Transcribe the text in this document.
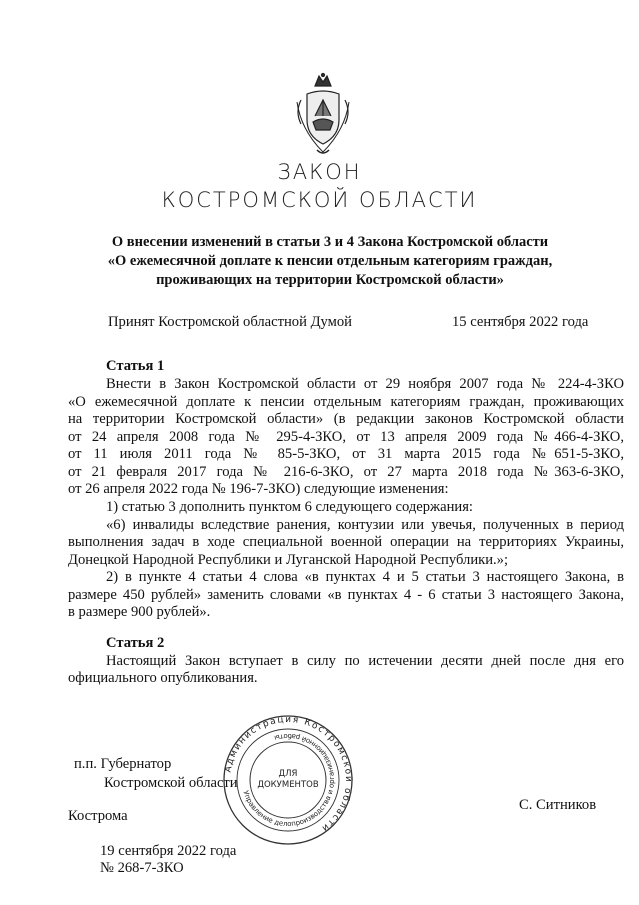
ЗАКОН
КОСТРОМСКОЙ ОБЛАСТИ
О внесении изменений в статьи 3 и 4 Закона Костромской области
«О ежемесячной доплате к пенсии отдельным категориям граждан,
проживающих на территории Костромской области»
Принят Костромской областной Думой	15 сентября 2022 года
Статья 1
Внести в Закон Костромской области от 29 ноября 2007 года № 224-4-ЗКО
«О ежемесячной доплате к пенсии отдельным категориям граждан, проживающих
на территории Костромской области» (в редакции законов Костромской области
от 24 апреля 2008 года № 295-4-ЗКО, от 13 апреля 2009 года №466-4-ЗКО,
от 11 июля 2011 года № 85-5-ЗКО, от 31 марта 2015 года №651-5-ЗКО,
от 21 февраля 2017 года № 216-6-ЗКО, от 27 марта 2018 года №363-6-ЗКО,
от 26 апреля 2022 года № 196-7-ЗКО) следующие изменения:
1) статью 3 дополнить пунктом 6 следующего содержания:
«6) инвалиды вследствие ранения, контузии или увечья, полученных в период
выполнения задач в ходе специальной военной операции на территориях Украины,
Донецкой Народной Республики и Луганской Народной Республики.»;
2) в пункте 4 статьи 4 слова «в пунктах 4 и 5 статьи 3 настоящего Закона, в
размере 450 рублей» заменить словами «в пунктах 4 - 6 статьи 3 настоящего Закона,
в размере 900 рублей».
Статья 2
Настоящий Закон вступает в силу по истечении десяти дней после дня его
официального опубликования.
п.п. Губернатор
Костромской области
С. Ситников
Администрация Костромской области
Управление делопроизводства и организационной работы
ДЛЯ
ДОКУМЕНТОВ
Кострома
19 сентября 2022 года
№ 268-7-ЗКО
